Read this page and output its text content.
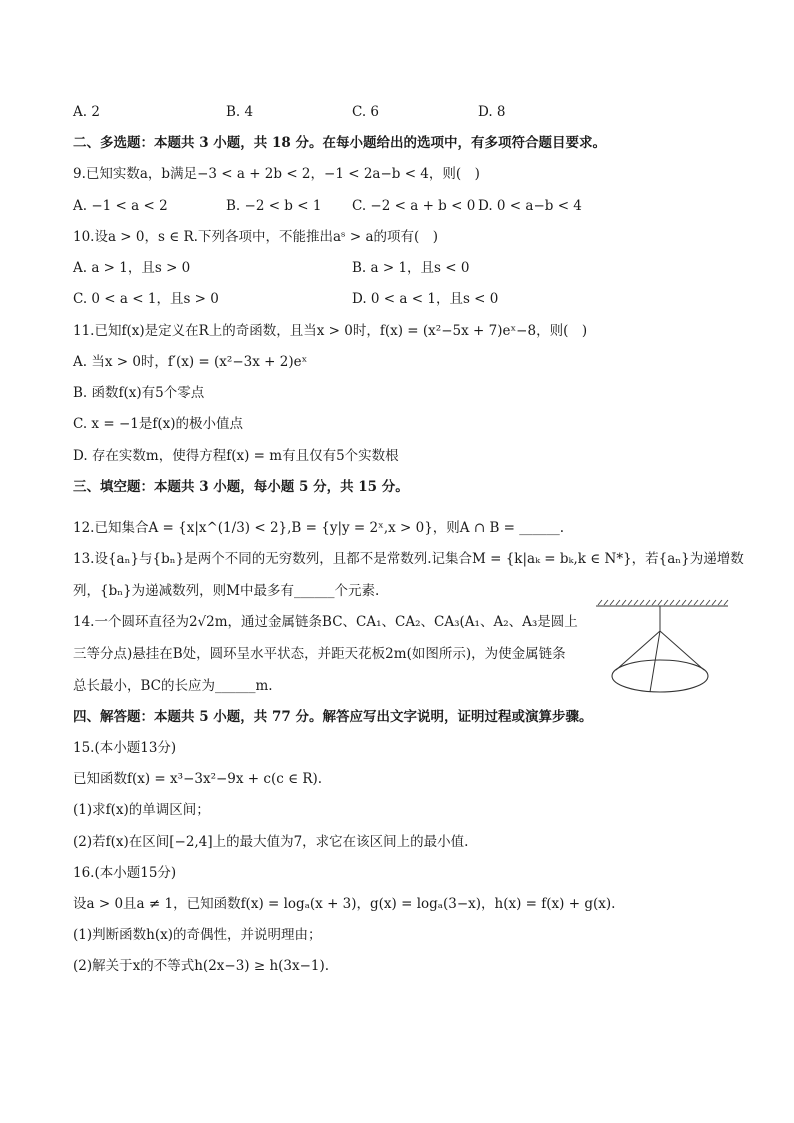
A. 2	B. 4	C. 6	D. 8
二、多选题：本题共 3 小题，共 18 分。在每小题给出的选项中，有多项符合题目要求。
9.已知实数a，b满足−3 < a + 2b < 2，−1 < 2a−b < 4，则(　)
A. −1 < a < 2	B. −2 < b < 1 C. −2 < a + b < 0 D. 0 < a−b < 4
10.设a > 0，s ∈ R.下列各项中，不能推出aˢ > a的项有(　)
A. a > 1，且s > 0	B. a > 1，且s < 0
C. 0 < a < 1，且s > 0	D. 0 < a < 1，且s < 0
11.已知f(x)是定义在R上的奇函数，且当x > 0时，f(x) = (x²−5x + 7)eˣ−8，则(　)
A. 当x > 0时，f′(x) = (x²−3x + 2)eˣ
B. 函数f(x)有5个零点
C. x = −1是f(x)的极小值点
D. 存在实数m，使得方程f(x) = m有且仅有5个实数根
三、填空题：本题共 3 小题，每小题 5 分，共 15 分。
12.已知集合A = {x|x^(1/3) < 2},B = {y|y = 2ˣ,x > 0}，则A ∩ B = ______.
13.设{aₙ}与{bₙ}是两个不同的无穷数列，且都不是常数列.记集合M = {k|aₖ = bₖ,k ∈ N*}，若{aₙ}为递增数
列，{bₙ}为递减数列，则M中最多有______个元素.
14.一个圆环直径为2√2m，通过金属链条BC、CA₁、CA₂、CA₃(A₁、A₂、A₃是圆上
三等分点)悬挂在B处，圆环呈水平状态，并距天花板2m(如图所示)，为使金属链条
总长最小，BC的长应为______m.
四、解答题：本题共 5 小题，共 77 分。解答应写出文字说明，证明过程或演算步骤。
15.(本小题13分)
已知函数f(x) = x³−3x²−9x + c(c ∈ R).
(1)求f(x)的单调区间；
(2)若f(x)在区间[−2,4]上的最大值为7，求它在该区间上的最小值.
16.(本小题15分)
设a > 0且a ≠ 1，已知函数f(x) = logₐ(x + 3)，g(x) = logₐ(3−x)，h(x) = f(x) + g(x).
(1)判断函数h(x)的奇偶性，并说明理由；
(2)解关于x的不等式h(2x−3) ≥ h(3x−1).
